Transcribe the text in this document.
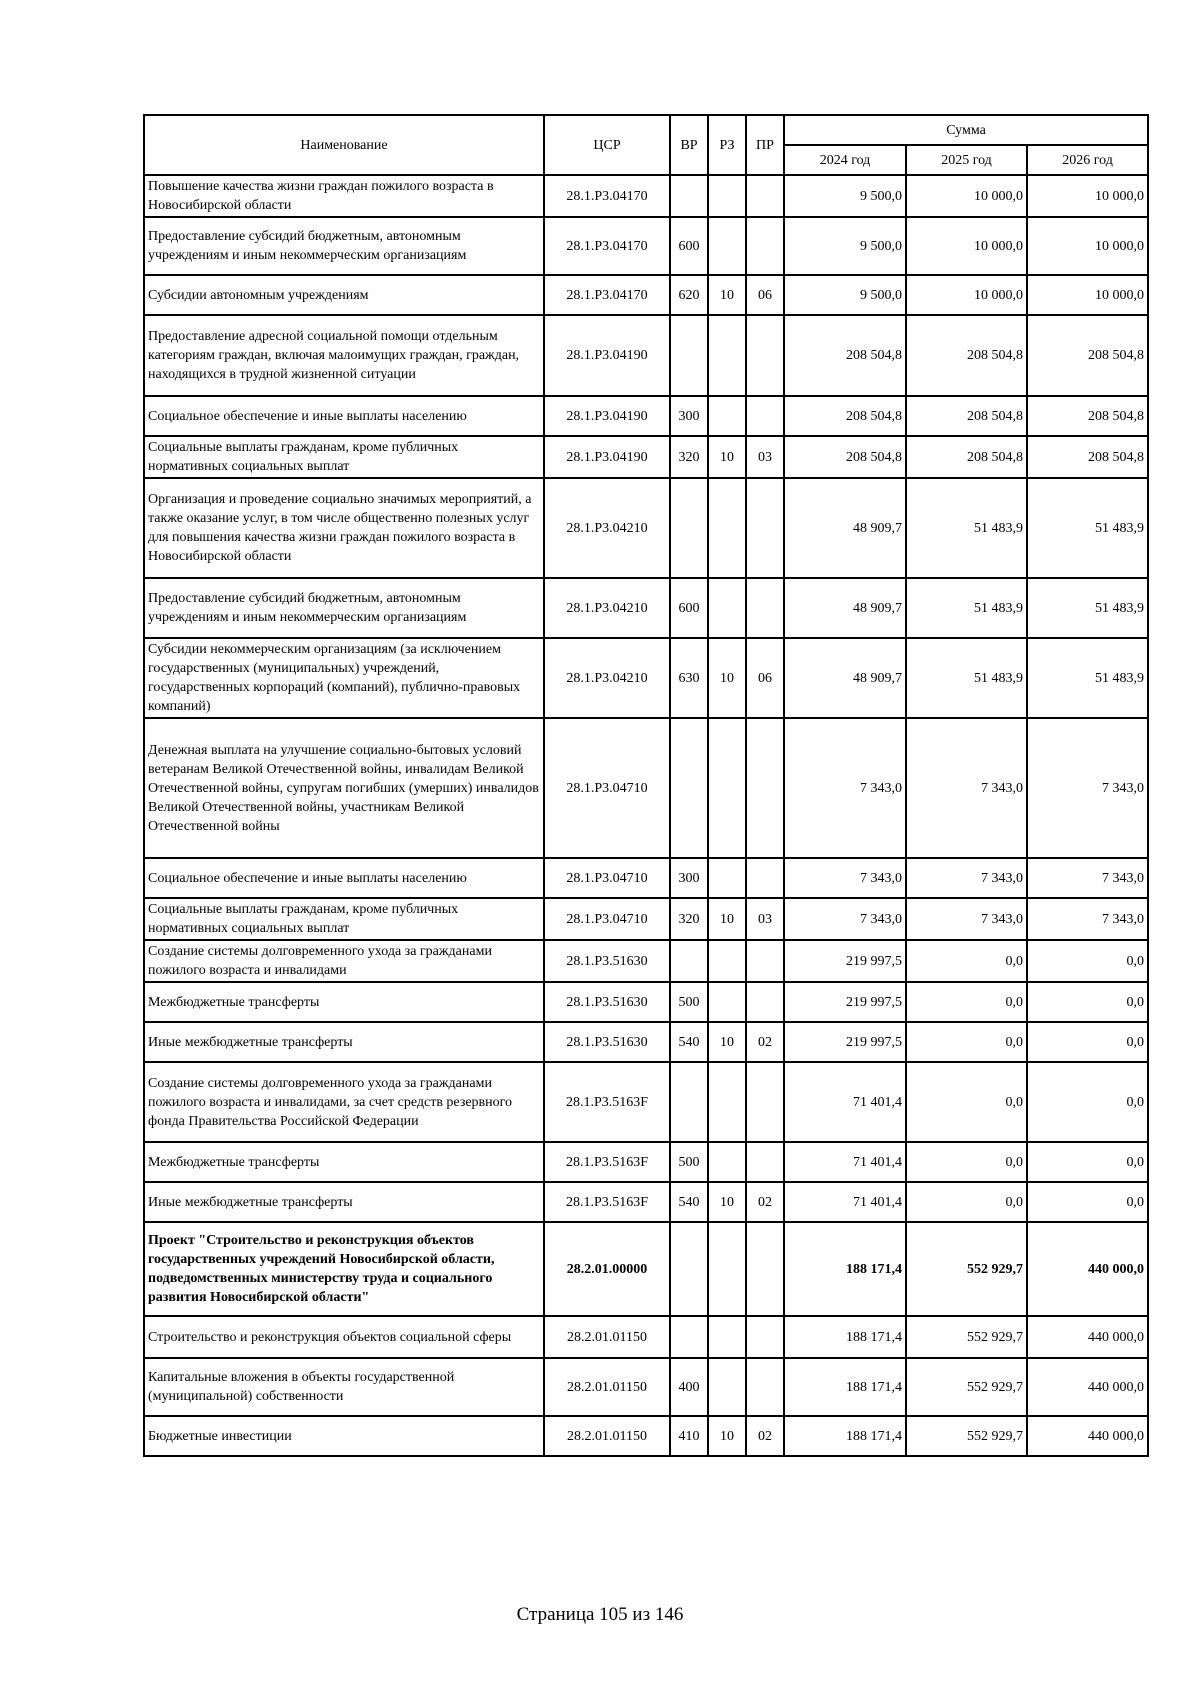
Наименование	ЦСР	ВР	РЗ	ПР	Сумма		
					2024 год	2025 год	2026 год
Повышение качества жизни граждан пожилого возраста в Новосибирской области	28.1.P3.04170				9 500,0	10 000,0	10 000,0
Предоставление субсидий бюджетным, автономным учреждениям и иным некоммерческим организациям	28.1.P3.04170	600			9 500,0	10 000,0	10 000,0
Субсидии автономным учреждениям	28.1.P3.04170	620	10	06	9 500,0	10 000,0	10 000,0
Предоставление адресной социальной помощи отдельным категориям граждан, включая малоимущих граждан, граждан, находящихся в трудной жизненной ситуации	28.1.P3.04190				208 504,8	208 504,8	208 504,8
Социальное обеспечение и иные выплаты населению	28.1.P3.04190	300			208 504,8	208 504,8	208 504,8
Социальные выплаты гражданам, кроме публичных нормативных социальных выплат	28.1.P3.04190	320	10	03	208 504,8	208 504,8	208 504,8
Организация и проведение социально значимых мероприятий, а также оказание услуг, в том числе общественно полезных услуг для повышения качества жизни граждан пожилого возраста в Новосибирской области	28.1.P3.04210				48 909,7	51 483,9	51 483,9
Предоставление субсидий бюджетным, автономным учреждениям и иным некоммерческим организациям	28.1.P3.04210	600			48 909,7	51 483,9	51 483,9
Субсидии некоммерческим организациям (за исключением государственных (муниципальных) учреждений, государственных корпораций (компаний), публично-правовых компаний)	28.1.P3.04210	630	10	06	48 909,7	51 483,9	51 483,9
Денежная выплата на улучшение социально-бытовых условий ветеранам Великой Отечественной войны, инвалидам Великой Отечественной войны, супругам погибших (умерших) инвалидов Великой Отечественной войны, участникам Великой Отечественной войны	28.1.P3.04710				7 343,0	7 343,0	7 343,0
Социальное обеспечение и иные выплаты населению	28.1.P3.04710	300			7 343,0	7 343,0	7 343,0
Социальные выплаты гражданам, кроме публичных нормативных социальных выплат	28.1.P3.04710	320	10	03	7 343,0	7 343,0	7 343,0
Создание системы долговременного ухода за гражданами пожилого возраста и инвалидами	28.1.P3.51630				219 997,5	0,0	0,0
Межбюджетные трансферты	28.1.P3.51630	500			219 997,5	0,0	0,0
Иные межбюджетные трансферты	28.1.P3.51630	540	10	02	219 997,5	0,0	0,0
Создание системы долговременного ухода за гражданами пожилого возраста и инвалидами, за счет средств резервного фонда Правительства Российской Федерации	28.1.P3.5163F				71 401,4	0,0	0,0
Межбюджетные трансферты	28.1.P3.5163F	500			71 401,4	0,0	0,0
Иные межбюджетные трансферты	28.1.P3.5163F	540	10	02	71 401,4	0,0	0,0
Проект "Строительство и реконструкция объектов государственных учреждений Новосибирской области, подведомственных министерству труда и социального развития Новосибирской области"	28.2.01.00000				188 171,4	552 929,7	440 000,0
Строительство и реконструкция объектов социальной сферы	28.2.01.01150				188 171,4	552 929,7	440 000,0
Капитальные вложения в объекты государственной (муниципальной) собственности	28.2.01.01150	400			188 171,4	552 929,7	440 000,0
Бюджетные инвестиции	28.2.01.01150	410	10	02	188 171,4	552 929,7	440 000,0
Страница 105 из 146
